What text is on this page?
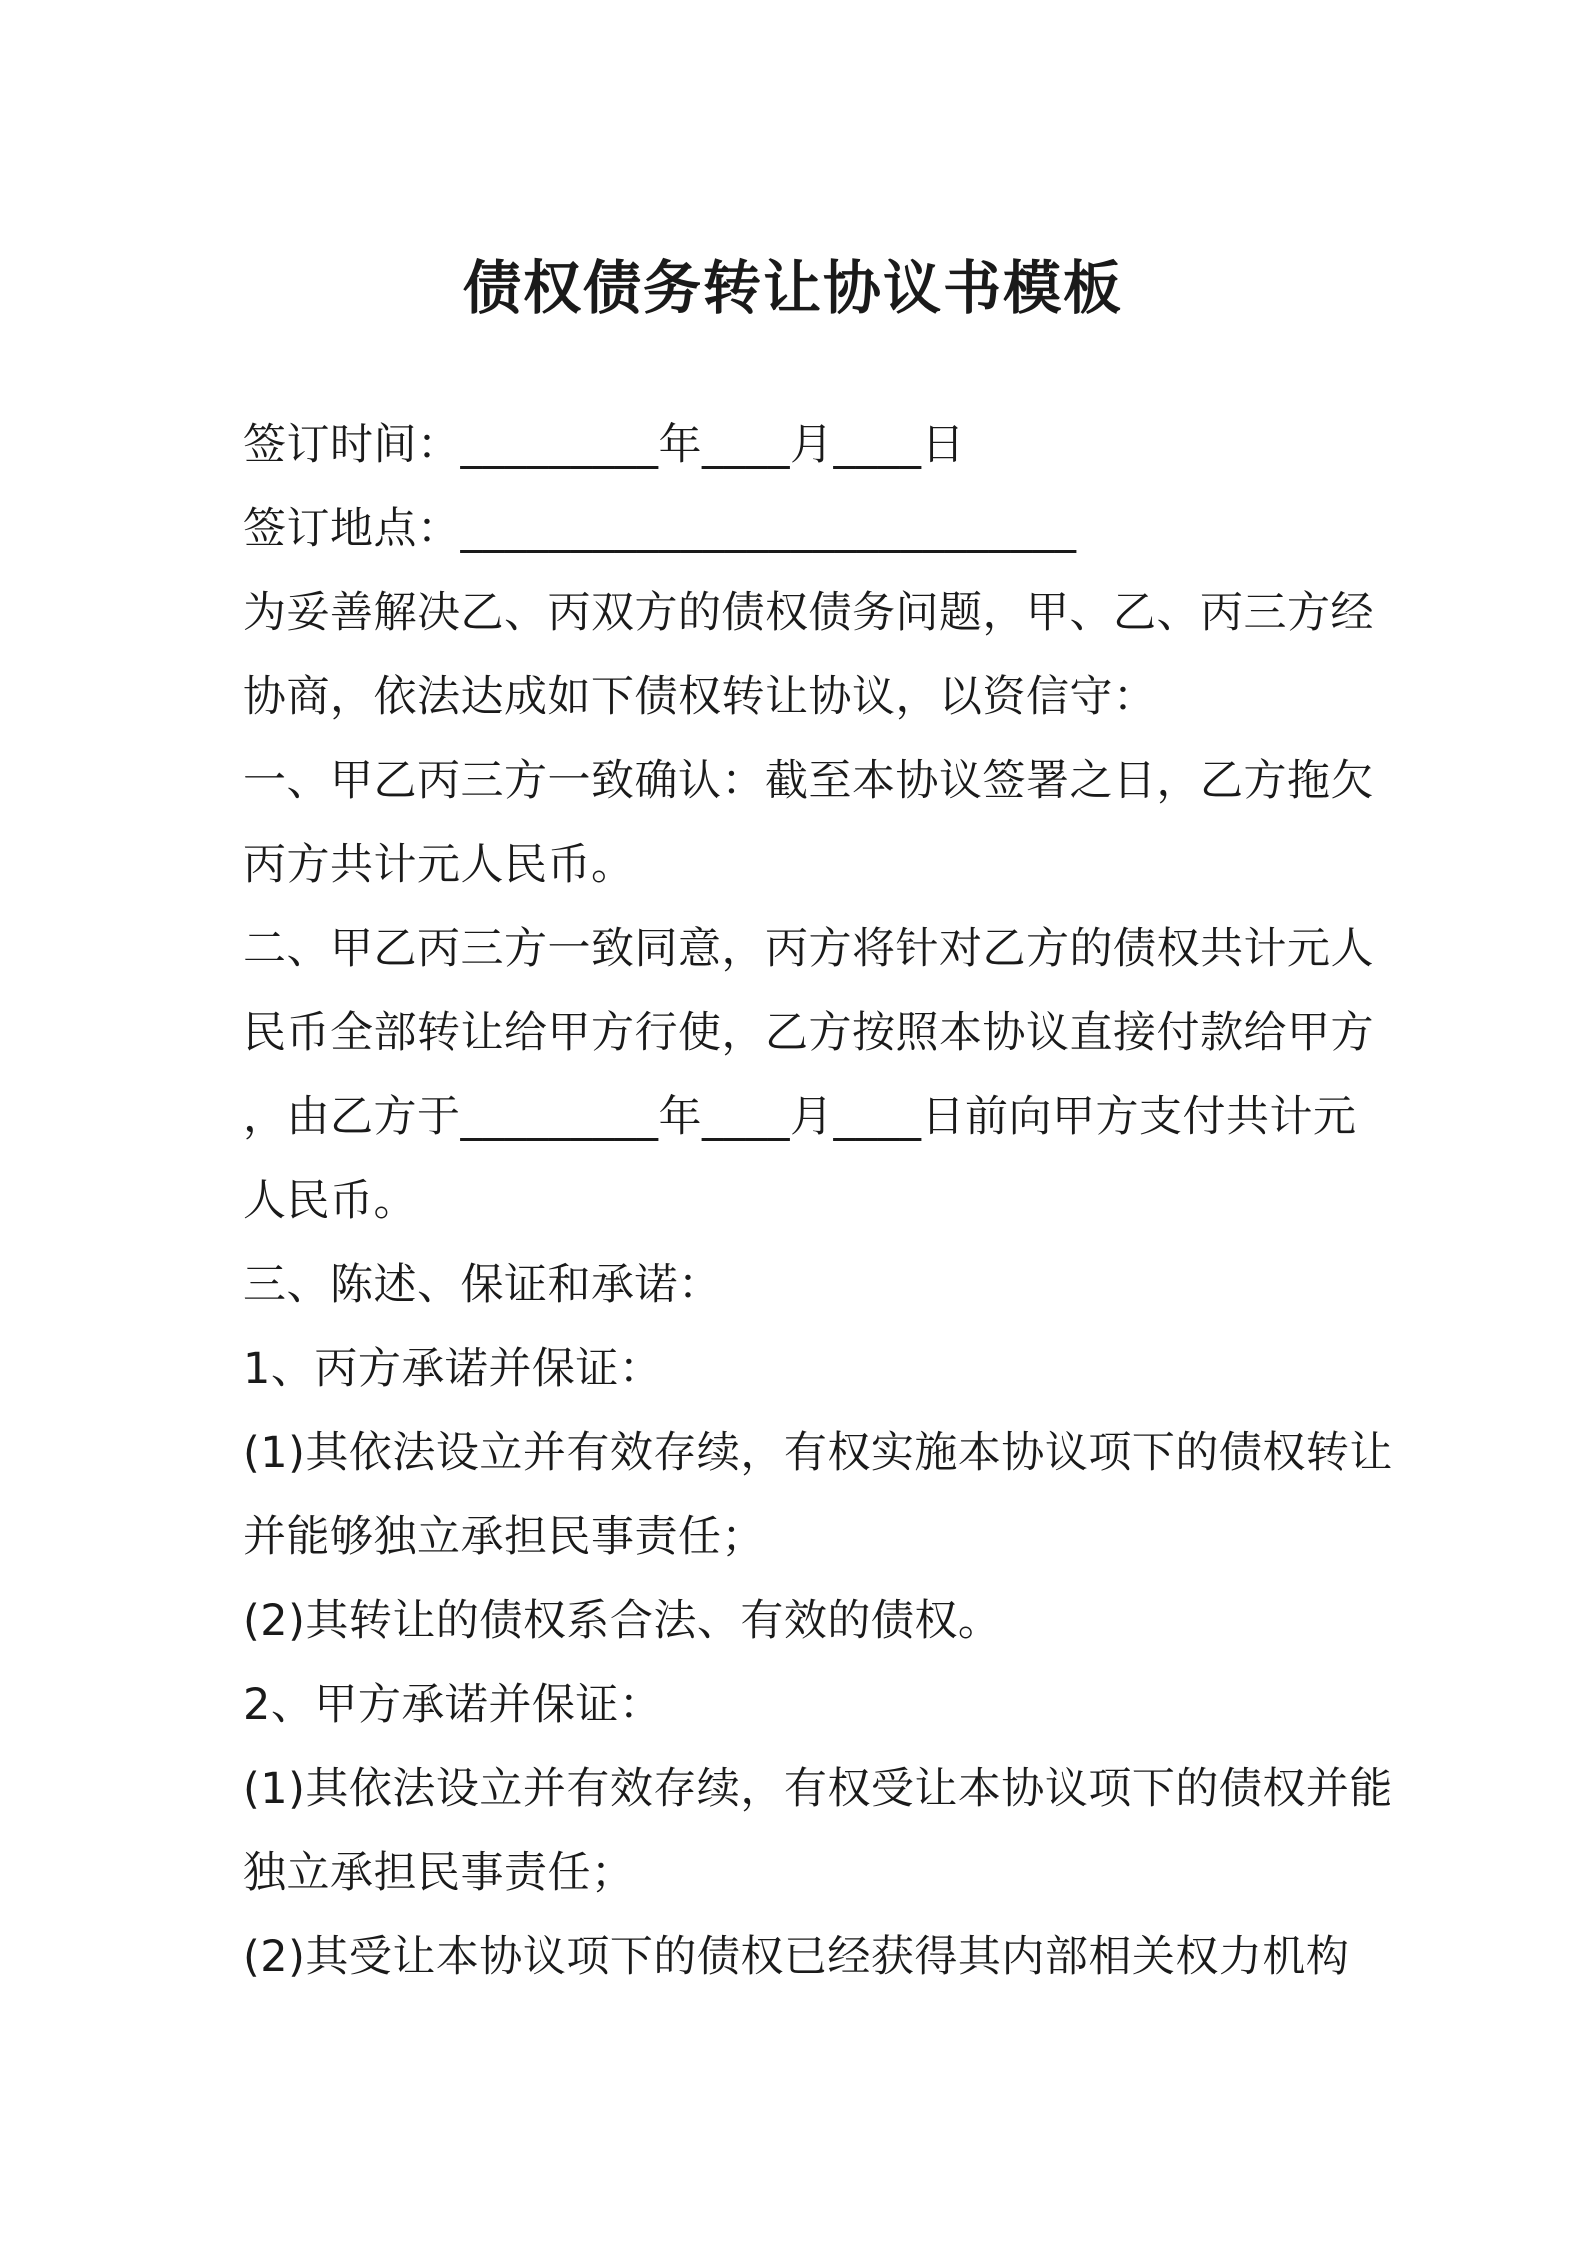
债权债务转让协议书模板

签订时间：_________年____月____日

签订地点：____________________________

为妥善解决乙、丙双方的债权债务问题，甲、乙、丙三方经

协商，依法达成如下债权转让协议，以资信守：

一、甲乙丙三方一致确认：截至本协议签署之日，乙方拖欠

丙方共计元人民币。

二、甲乙丙三方一致同意，丙方将针对乙方的债权共计元人

民币全部转让给甲方行使，乙方按照本协议直接付款给甲方

，由乙方于_________年____月____日前向甲方支付共计元

人民币。

三、陈述、保证和承诺：

1、丙方承诺并保证：

(1)其依法设立并有效存续，有权实施本协议项下的债权转让

并能够独立承担民事责任；

(2)其转让的债权系合法、有效的债权。

2、甲方承诺并保证：

(1)其依法设立并有效存续，有权受让本协议项下的债权并能

独立承担民事责任；

(2)其受让本协议项下的债权已经获得其内部相关权力机构
